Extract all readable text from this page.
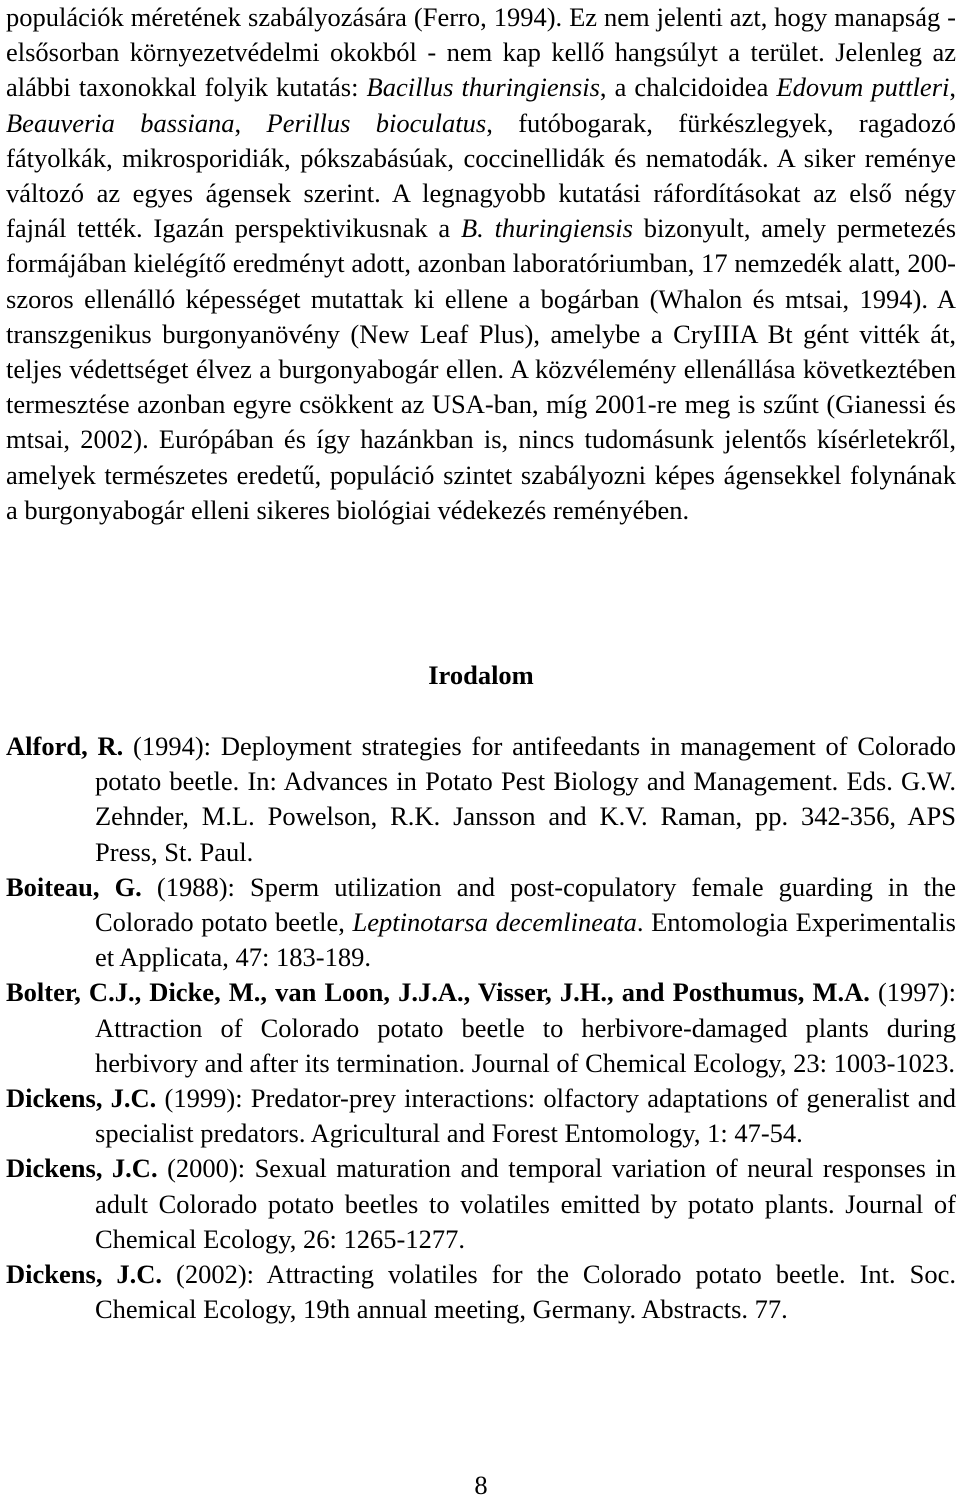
populációk méretének szabályozására (Ferro, 1994). Ez nem jelenti azt, hogy manapság - elsősorban környezetvédelmi okokból - nem kap kellő hangsúlyt a terület. Jelenleg az alábbi taxonokkal folyik kutatás: Bacillus thuringiensis, a chalcidoidea Edovum puttleri, Beauveria bassiana, Perillus bioculatus, futóbogarak, fürkészlegyek, ragadozó fátyolkák, mikrosporidiák, pókszabásúak, coccinellidák és nematodák. A siker reménye változó az egyes ágensek szerint. A legnagyobb kutatási ráfordításokat az első négy fajnál tették. Igazán perspektivikusnak a B. thuringiensis bizonyult, amely permetezés formájában kielégítő eredményt adott, azonban laboratóriumban, 17 nemzedék alatt, 200-szoros ellenálló képességet mutattak ki ellene a bogárban (Whalon és mtsai, 1994). A transzgenikus burgonyanövény (New Leaf Plus), amelybe a CryIIIA Bt gént vitték át, teljes védettséget élvez a burgonyabogár ellen. A közvélemény ellenállása következtében termesztése azonban egyre csökkent az USA-ban, míg 2001-re meg is szűnt (Gianessi és mtsai, 2002). Európában és így hazánkban is, nincs tudomásunk jelentős kísérletekről, amelyek természetes eredetű, populáció szintet szabályozni képes ágensekkel folynának a burgonyabogár elleni sikeres biológiai védekezés reményében.

Irodalom

Alford, R. (1994): Deployment strategies for antifeedants in management of Colorado potato beetle. In: Advances in Potato Pest Biology and Management. Eds. G.W. Zehnder, M.L. Powelson, R.K. Jansson and K.V. Raman, pp. 342-356, APS Press, St. Paul.

Boiteau, G. (1988): Sperm utilization and post-copulatory female guarding in the Colorado potato beetle, Leptinotarsa decemlineata. Entomologia Experimentalis et Applicata, 47: 183-189.

Bolter, C.J., Dicke, M., van Loon, J.J.A., Visser, J.H., and Posthumus, M.A. (1997): Attraction of Colorado potato beetle to herbivore-damaged plants during herbivory and after its termination. Journal of Chemical Ecology, 23: 1003-1023.

Dickens, J.C. (1999): Predator-prey interactions: olfactory adaptations of generalist and specialist predators. Agricultural and Forest Entomology, 1: 47-54.

Dickens, J.C. (2000): Sexual maturation and temporal variation of neural responses in adult Colorado potato beetles to volatiles emitted by potato plants. Journal of Chemical Ecology, 26: 1265-1277.

Dickens, J.C. (2002): Attracting volatiles for the Colorado potato beetle. Int. Soc. Chemical Ecology, 19th annual meeting, Germany. Abstracts. 77.

8
